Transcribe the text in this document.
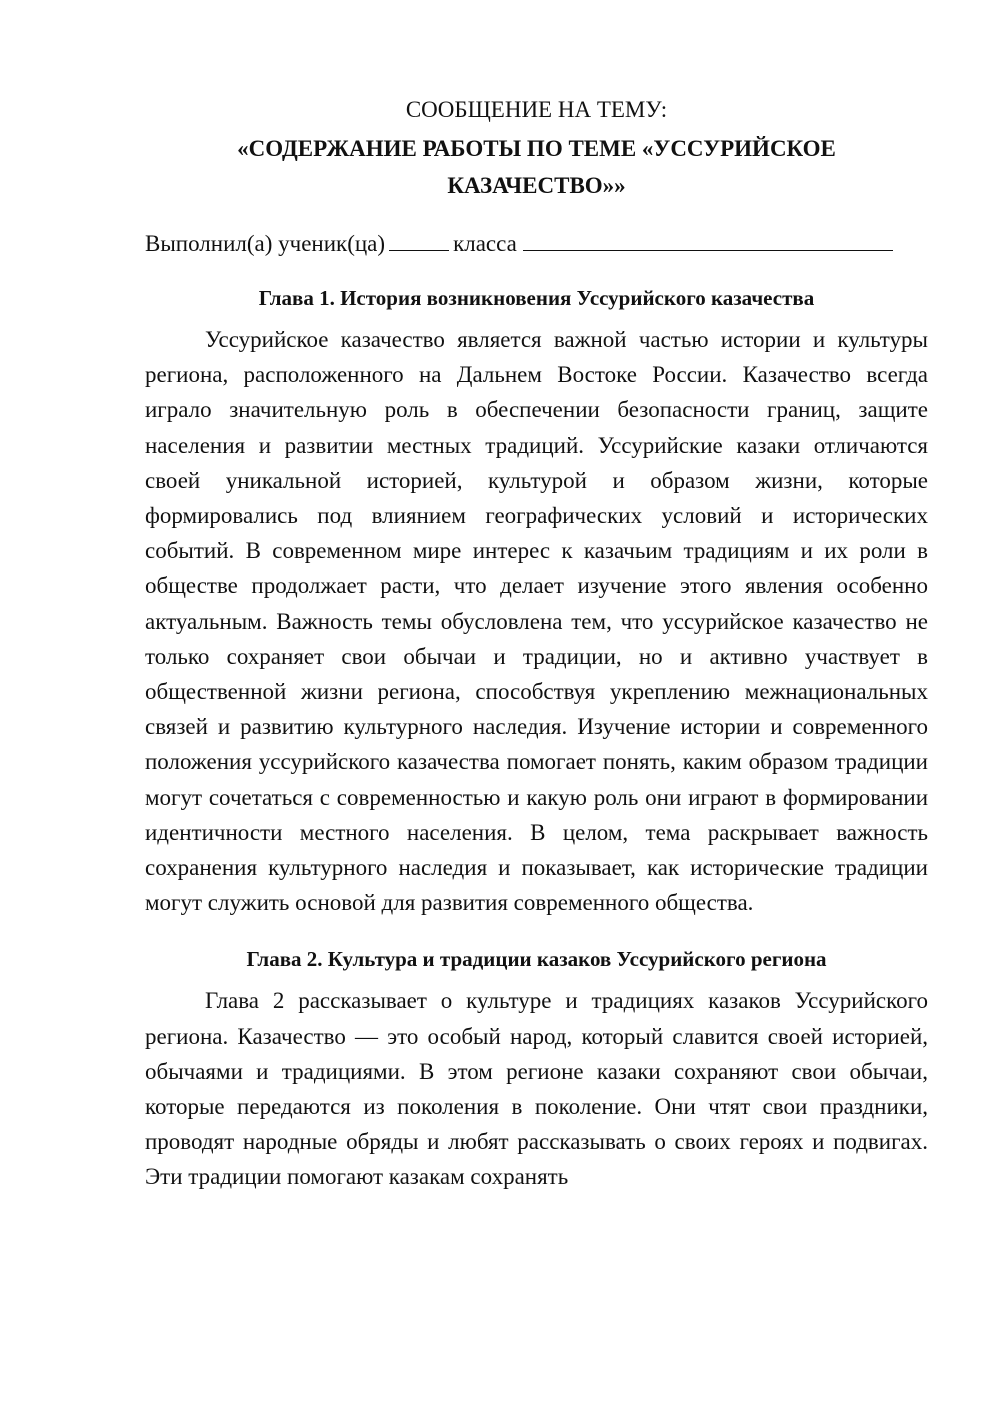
СООБЩЕНИЕ НА ТЕМУ:

«СОДЕРЖАНИЕ РАБОТЫ ПО ТЕМЕ «УССУРИЙСКОЕ

КАЗАЧЕСТВО»»

Выполнил(а) ученик(ца)	класса

Глава 1. История возникновения Уссурийского казачества

Уссурийское казачество является важной частью истории и культуры региона, расположенного на Дальнем Востоке России. Казачество всегда играло значительную роль в обеспечении безопасности границ, защите населения и развитии местных традиций. Уссурийские казаки отличаются своей уникальной историей, культурой и образом жизни, которые формировались под влиянием географических условий и исторических событий. В современном мире интерес к казачьим традициям и их роли в обществе продолжает расти, что делает изучение этого явления особенно актуальным. Важность темы обусловлена тем, что уссурийское казачество не только сохраняет свои обычаи и традиции, но и активно участвует в общественной жизни региона, способствуя укреплению межнациональных связей и развитию культурного наследия. Изучение истории и современного положения уссурийского казачества помогает понять, каким образом традиции могут сочетаться с современностью и какую роль они играют в формировании идентичности местного населения. В целом, тема раскрывает важность сохранения культурного наследия и показывает, как исторические традиции могут служить основой для развития современного общества.

Глава 2. Культура и традиции казаков Уссурийского региона

Глава 2 рассказывает о культуре и традициях казаков Уссурийского региона. Казачество — это особый народ, который славится своей историей, обычаями и традициями. В этом регионе казаки сохраняют свои обычаи, которые передаются из поколения в поколение. Они чтят свои праздники, проводят народные обряды и любят рассказывать о своих героях и подвигах. Эти традиции помогают казакам сохранять
